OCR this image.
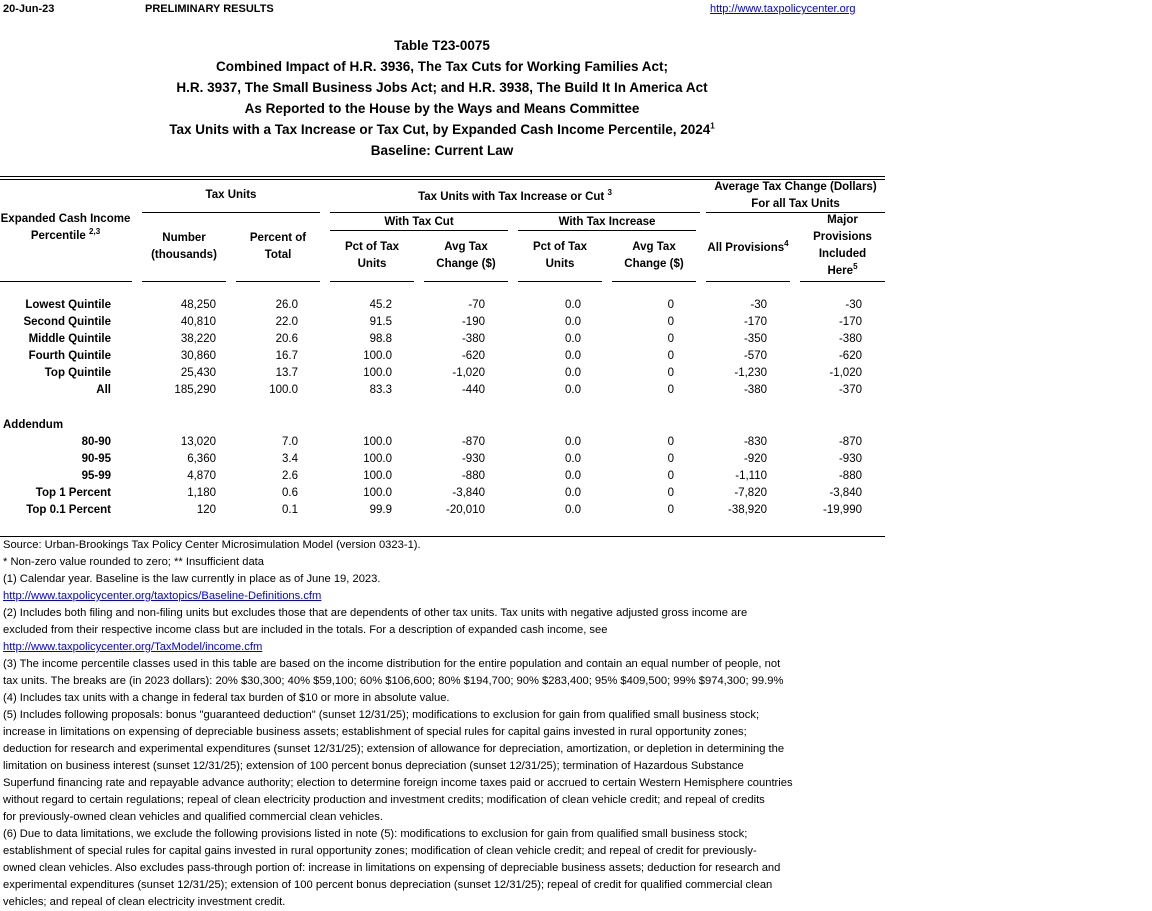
20-Jun-23	PRELIMINARY RESULTS	http://www.taxpolicycenter.org
Table T23-0075
Combined Impact of H.R. 3936, The Tax Cuts for Working Families Act;
H.R. 3937, The Small Business Jobs Act; and H.R. 3938, The Build It In America Act
As Reported to the House by the Ways and Means Committee
Tax Units with a Tax Increase or Tax Cut, by Expanded Cash Income Percentile, 2024$^1$
Baseline: Current Law
Expanded Cash Income
Percentile $^{2,3}$
Tax Units
Number
(thousands)
Percent of
Total
Tax Units with Tax Increase or Cut $^3$
With Tax Cut	With Tax Increase
Pct of Tax
Units
Avg Tax
Change ($)
Pct of Tax
Units
Avg Tax
Change ($)
Average Tax Change (Dollars)
For all Tax Units
All Provisions$^4$
Major
Provisions
Included
Here$^5$
Lowest Quintile	48,250	26.0	45.2	-70	0.0	0	-30	-30
Second Quintile	40,810	22.0	91.5	-190	0.0	0	-170	-170
Middle Quintile	38,220	20.6	98.8	-380	0.0	0	-350	-380
Fourth Quintile	30,860	16.7	100.0	-620	0.0	0	-570	-620
Top Quintile	25,430	13.7	100.0	-1,020	0.0	0	-1,230	-1,020
All	185,290	100.0	83.3	-440	0.0	0	-380	-370
80-90	13,020	7.0	100.0	-870	0.0	0	-830	-870
90-95	6,360	3.4	100.0	-930	0.0	0	-920	-930
95-99	4,870	2.6	100.0	-880	0.0	0	-1,110	-880
Top 1 Percent	1,180	0.6	100.0	-3,840	0.0	0	-7,820	-3,840
Top 0.1 Percent	120	0.1	99.9	-20,010	0.0	0	-38,920	-19,990
Addendum
Source: Urban-Brookings Tax Policy Center Microsimulation Model (version 0323-1).
* Non-zero value rounded to zero; ** Insufficient data
(1) Calendar year. Baseline is the law currently in place as of June 19, 2023.
http://www.taxpolicycenter.org/taxtopics/Baseline-Definitions.cfm
(2) Includes both filing and non-filing units but excludes those that are dependents of other tax units. Tax units with negative adjusted gross income are
excluded from their respective income class but are included in the totals. For a description of expanded cash income, see
http://www.taxpolicycenter.org/TaxModel/income.cfm
(3) The income percentile classes used in this table are based on the income distribution for the entire population and contain an equal number of people, not
tax units. The breaks are (in 2023 dollars): 20% $30,300; 40% $59,100; 60% $106,600; 80% $194,700; 90% $283,400; 95% $409,500; 99% $974,300; 99.9%
(4) Includes tax units with a change in federal tax burden of $10 or more in absolute value.
(5) Includes following proposals: bonus "guaranteed deduction" (sunset 12/31/25); modifications to exclusion for gain from qualified small business stock;
increase in limitations on expensing of depreciable business assets; establishment of special rules for capital gains invested in rural opportunity zones;
deduction for research and experimental expenditures (sunset 12/31/25); extension of allowance for depreciation, amortization, or depletion in determining the
limitation on business interest (sunset 12/31/25); extension of 100 percent bonus depreciation (sunset 12/31/25); termination of Hazardous Substance
Superfund financing rate and repayable advance authority; election to determine foreign income taxes paid or accrued to certain Western Hemisphere countries
without regard to certain regulations; repeal of clean electricity production and investment credits; modification of clean vehicle credit; and repeal of credits
for previously-owned clean vehicles and qualified commercial clean vehicles.
(6) Due to data limitations, we exclude the following provisions listed in note (5): modifications to exclusion for gain from qualified small business stock;
establishment of special rules for capital gains invested in rural opportunity zones; modification of clean vehicle credit; and repeal of credit for previously-
owned clean vehicles. Also excludes pass-through portion of: increase in limitations on expensing of depreciable business assets; deduction for research and
experimental expenditures (sunset 12/31/25); extension of 100 percent bonus depreciation (sunset 12/31/25); repeal of credit for qualified commercial clean
vehicles; and repeal of clean electricity investment credit.
